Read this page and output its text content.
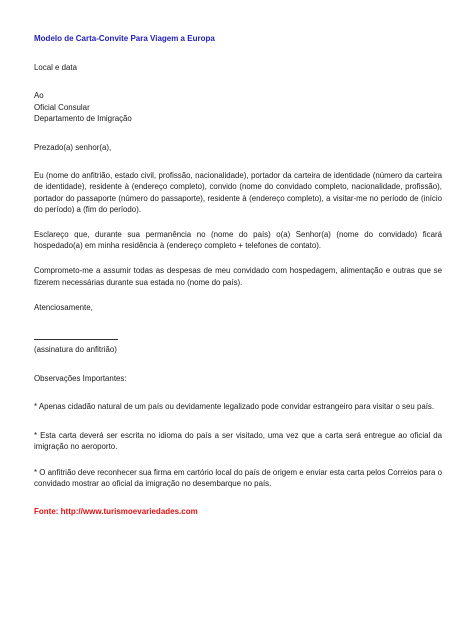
Modelo de Carta-Convite Para Viagem a Europa

Local e data

Ao

Oficial Consular

Departamento de Imigração

Prezado(a) senhor(a),

Eu (nome do anfitrião, estado civil, profissão, nacionalidade), portador da carteira de identidade (número da carteira de identidade), residente à (endereço completo), convido (nome do convidado completo, nacionalidade, profissão), portador do passaporte (número do passaporte), residente à (endereço completo), a visitar-me no período de (início do período) a (fim do período).

Esclareço que, durante sua permanência no (nome do país) o(a) Senhor(a) (nome do convidado) ficará hospedado(a) em minha residência à (endereço completo + telefones de contato).

Comprometo-me a assumir todas as despesas de meu convidado com hospedagem, alimentação e outras que se fizerem necessárias durante sua estada no (nome do país).

Atenciosamente,

(assinatura do anfitrião)

Observações Importantes:

* Apenas cidadão natural de um país ou devidamente legalizado pode convidar estrangeiro para visitar o seu país.

* Esta carta deverá ser escrita no idioma do país a ser visitado, uma vez que a carta será entregue ao oficial da imigração no aeroporto.

* O anfitrião deve reconhecer sua firma em cartório local do país de origem e enviar esta carta pelos Correios para o convidado mostrar ao oficial da imigração no desembarque no país.

Fonte: http://www.turismoevariedades.com
